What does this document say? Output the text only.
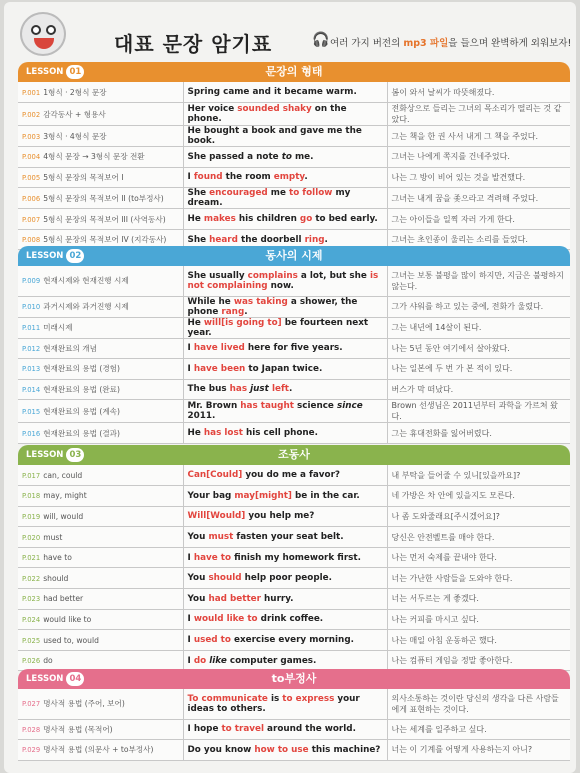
대표 문장 암기표	🎧 여러 가지 버전의 mp3 파일을 들으며 완벽하게 외워보자!
LESSON 01	문장의 형태
P.001 1형식 · 2형식 문장	Spring came and it became warm.	봄이 와서 날씨가 따뜻해졌다.
P.002 감각동사 + 형용사	Her voice sounded shaky on the phone.	전화상으로 들리는 그녀의 목소리가 떨리는 것 같았다.
P.003 3형식 · 4형식 문장	He bought a book and gave me the book.	그는 책을 한 권 사서 내게 그 책을 주었다.
P.004 4형식 문장 → 3형식 문장 전환	She passed a note to me.	그녀는 나에게 쪽지를 건네주었다.
P.005 5형식 문장의 목적보어 I	I found the room empty.	나는 그 방이 비어 있는 것을 발견했다.
P.006 5형식 문장의 목적보어 II (to부정사)	She encouraged me to follow my dream.	그녀는 내게 꿈을 좇으라고 격려해 주었다.
P.007 5형식 문장의 목적보어 III (사역동사)	He makes his children go to bed early.	그는 아이들을 일찍 자러 가게 한다.
P.008 5형식 문장의 목적보어 IV (지각동사)	She heard the doorbell ring.	그녀는 초인종이 울리는 소리를 들었다.
LESSON 02	동사의 시제
P.009 현재시제와 현재진행 시제	She usually complains a lot, but she is not complaining now.	그녀는 보통 불평을 많이 하지만, 지금은 불평하지 않는다.
P.010 과거시제와 과거진행 시제	While he was taking a shower, the phone rang.	그가 샤워를 하고 있는 중에, 전화가 울렸다.
P.011 미래시제	He will[is going to] be fourteen next year.	그는 내년에 14살이 된다.
P.012 현재완료의 개념	I have lived here for five years.	나는 5년 동안 여기에서 살아왔다.
P.013 현재완료의 용법 (경험)	I have been to Japan twice.	나는 일본에 두 번 가 본 적이 있다.
P.014 현재완료의 용법 (완료)	The bus has just left.	버스가 막 떠났다.
P.015 현재완료의 용법 (계속)	Mr. Brown has taught science since 2011.	Brown 선생님은 2011년부터 과학을 가르쳐 왔다.
P.016 현재완료의 용법 (결과)	He has lost his cell phone.	그는 휴대전화를 잃어버렸다.
LESSON 03	조동사
P.017 can, could	Can[Could] you do me a favor?	내 부탁을 들어줄 수 있니[있을까요]?
P.018 may, might	Your bag may[might] be in the car.	네 가방은 차 안에 있을지도 모른다.
P.019 will, would	Will[Would] you help me?	나 좀 도와줄래요[주시겠어요]?
P.020 must	You must fasten your seat belt.	당신은 안전벨트를 매야 한다.
P.021 have to	I have to finish my homework first.	나는 먼저 숙제를 끝내야 한다.
P.022 should	You should help poor people.	너는 가난한 사람들을 도와야 한다.
P.023 had better	You had better hurry.	너는 서두르는 게 좋겠다.
P.024 would like to	I would like to drink coffee.	나는 커피를 마시고 싶다.
P.025 used to, would	I used to exercise every morning.	나는 매일 아침 운동하곤 했다.
P.026 do	I do like computer games.	나는 컴퓨터 게임을 정말 좋아한다.
LESSON 04	to부정사
P.027 명사적 용법 (주어, 보어)	To communicate is to express your ideas to others.	의사소통하는 것이란 당신의 생각을 다른 사람들에게 표현하는 것이다.
P.028 명사적 용법 (목적어)	I hope to travel around the world.	나는 세계를 일주하고 싶다.
P.029 명사적 용법 (의문사 + to부정사)	Do you know how to use this machine?	너는 이 기계를 어떻게 사용하는지 아니?
